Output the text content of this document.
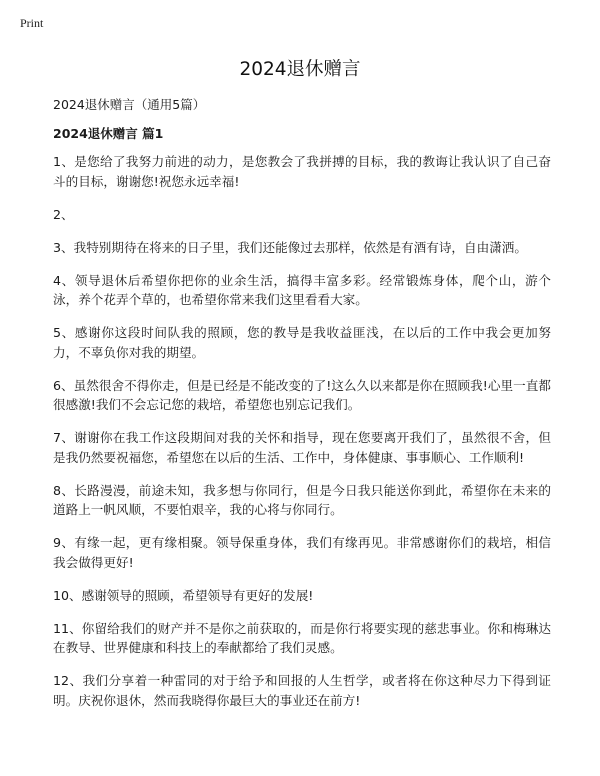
Print
2024退休赠言
2024退休赠言（通用5篇）
2024退休赠言 篇1
1、是您给了我努力前进的动力，是您教会了我拼搏的目标，我的教诲让我认识了自己奋斗的目标，谢谢您!祝您永远幸福!
2、
3、我特别期待在将来的日子里，我们还能像过去那样，依然是有酒有诗，自由潇洒。
4、领导退休后希望你把你的业余生活，搞得丰富多彩。经常锻炼身体，爬个山，游个泳，养个花弄个草的，也希望你常来我们这里看看大家。
5、感谢你这段时间队我的照顾，您的教导是我收益匪浅，在以后的工作中我会更加努力，不辜负你对我的期望。
6、虽然很舍不得你走，但是已经是不能改变的了!这么久以来都是你在照顾我!心里一直都很感激!我们不会忘记您的栽培，希望您也别忘记我们。
7、谢谢你在我工作这段期间对我的关怀和指导，现在您要离开我们了，虽然很不舍，但是我仍然要祝福您，希望您在以后的生活、工作中，身体健康、事事顺心、工作顺利!
8、长路漫漫，前途未知，我多想与你同行，但是今日我只能送你到此，希望你在未来的道路上一帆风顺，不要怕艰辛，我的心将与你同行。
9、有缘一起，更有缘相聚。领导保重身体，我们有缘再见。非常感谢你们的栽培，相信我会做得更好!
10、感谢领导的照顾，希望领导有更好的发展!
11、你留给我们的财产并不是你之前获取的，而是你行将要实现的慈悲事业。你和梅琳达在教导、世界健康和科技上的奉献都给了我们灵感。
12、我们分享着一种雷同的对于给予和回报的人生哲学，或者将在你这种尽力下得到证明。庆祝你退休，然而我晓得你最巨大的事业还在前方!
